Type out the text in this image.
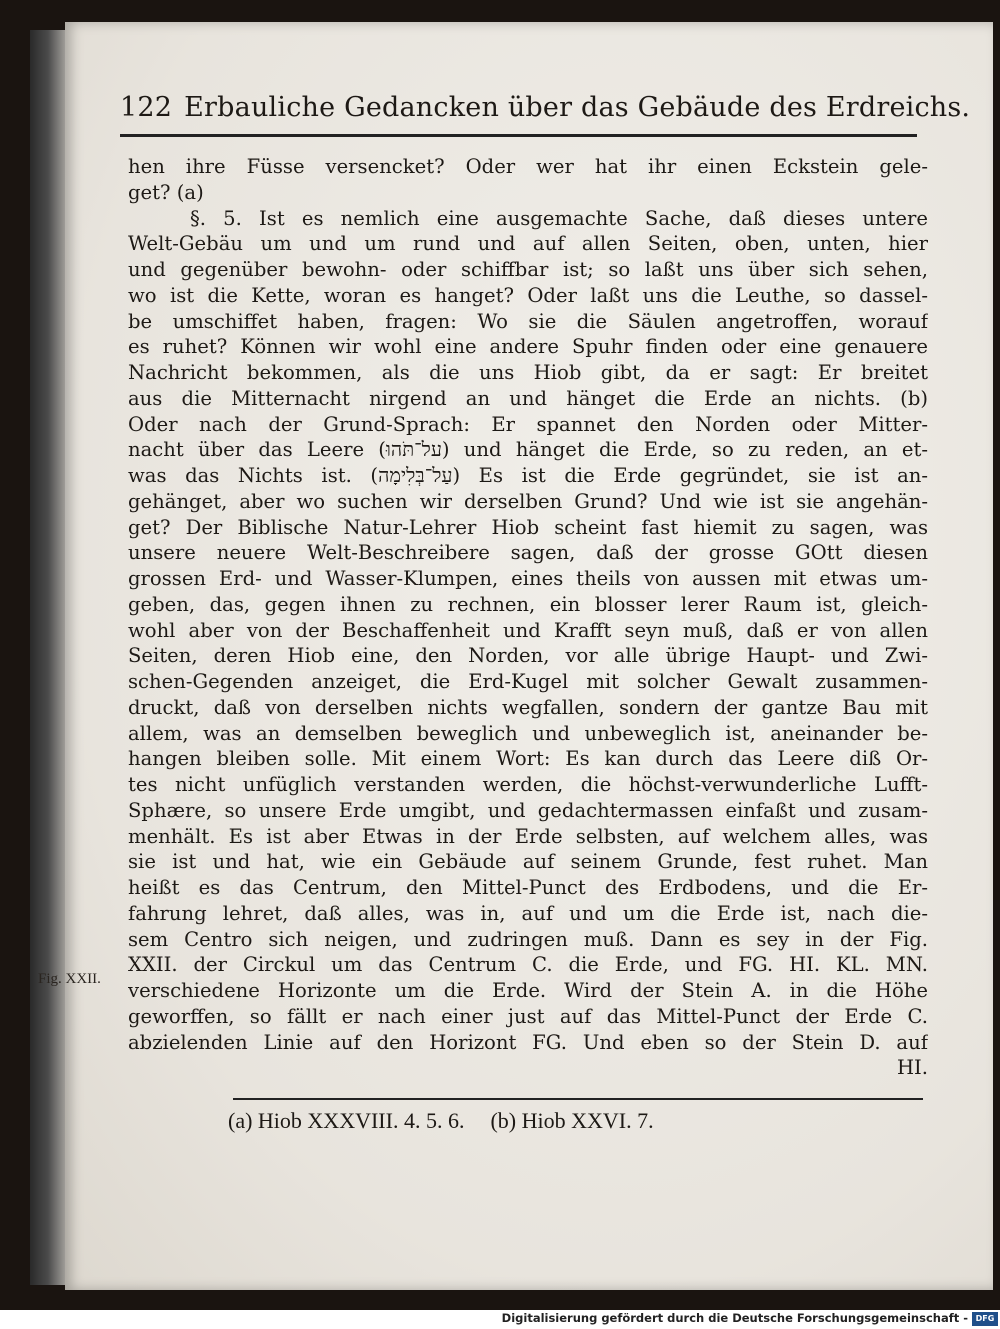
122 Erbauliche Gedancken über das Gebäude des Erdreichs.
hen ihre Füsse versencket? Oder wer hat ihr einen Eckstein gele-
get? (a)
§. 5. Ist es nemlich eine ausgemachte Sache, daß dieses untere
Welt-Gebäu um und um rund und auf allen Seiten, oben, unten, hier
und gegenüber bewohn- oder schiffbar ist; so laßt uns über sich sehen,
wo ist die Kette, woran es hanget? Oder laßt uns die Leuthe, so dassel-
be umschiffet haben, fragen: Wo sie die Säulen angetroffen, worauf
es ruhet? Können wir wohl eine andere Spuhr finden oder eine genauere
Nachricht bekommen, als die uns Hiob gibt, da er sagt: Er breitet
aus die Mitternacht nirgend an und hänget die Erde an nichts. (b)
Oder nach der Grund-Sprach: Er spannet den Norden oder Mitter-
nacht über das Leere (על־תֹּהוּ) und hänget die Erde, so zu reden, an et-
was das Nichts ist. (עַל־בְּלִימָה) Es ist die Erde gegründet, sie ist an-
gehänget, aber wo suchen wir derselben Grund? Und wie ist sie angehän-
get? Der Biblische Natur-Lehrer Hiob scheint fast hiemit zu sagen, was
unsere neuere Welt-Beschreibere sagen, daß der grosse GOtt diesen
grossen Erd- und Wasser-Klumpen, eines theils von aussen mit etwas um-
geben, das, gegen ihnen zu rechnen, ein blosser lerer Raum ist, gleich-
wohl aber von der Beschaffenheit und Krafft seyn muß, daß er von allen
Seiten, deren Hiob eine, den Norden, vor alle übrige Haupt- und Zwi-
schen-Gegenden anzeiget, die Erd-Kugel mit solcher Gewalt zusammen-
druckt, daß von derselben nichts wegfallen, sondern der gantze Bau mit
allem, was an demselben beweglich und unbeweglich ist, aneinander be-
hangen bleiben solle. Mit einem Wort: Es kan durch das Leere diß Or-
tes nicht unfüglich verstanden werden, die höchst-verwunderliche Lufft-
Sphære, so unsere Erde umgibt, und gedachtermassen einfaßt und zusam-
menhält. Es ist aber Etwas in der Erde selbsten, auf welchem alles, was
sie ist und hat, wie ein Gebäude auf seinem Grunde, fest ruhet. Man
heißt es das Centrum, den Mittel-Punct des Erdbodens, und die Er-
fahrung lehret, daß alles, was in, auf und um die Erde ist, nach die-
sem Centro sich neigen, und zudringen muß. Dann es sey in der Fig.
XXII. der Circkul um das Centrum C. die Erde, und FG. HI. KL. MN.
verschiedene Horizonte um die Erde. Wird der Stein A. in die Höhe
geworffen, so fällt er nach einer just auf das Mittel-Punct der Erde C.
abzielenden Linie auf den Horizont FG. Und eben so der Stein D. auf
HI.
Fig. XXII.
(a) Hiob XXXVIII. 4. 5. 6. (b) Hiob XXVI. 7.
Digitalisierung gefördert durch die Deutsche Forschungsgemeinschaft - DFG
